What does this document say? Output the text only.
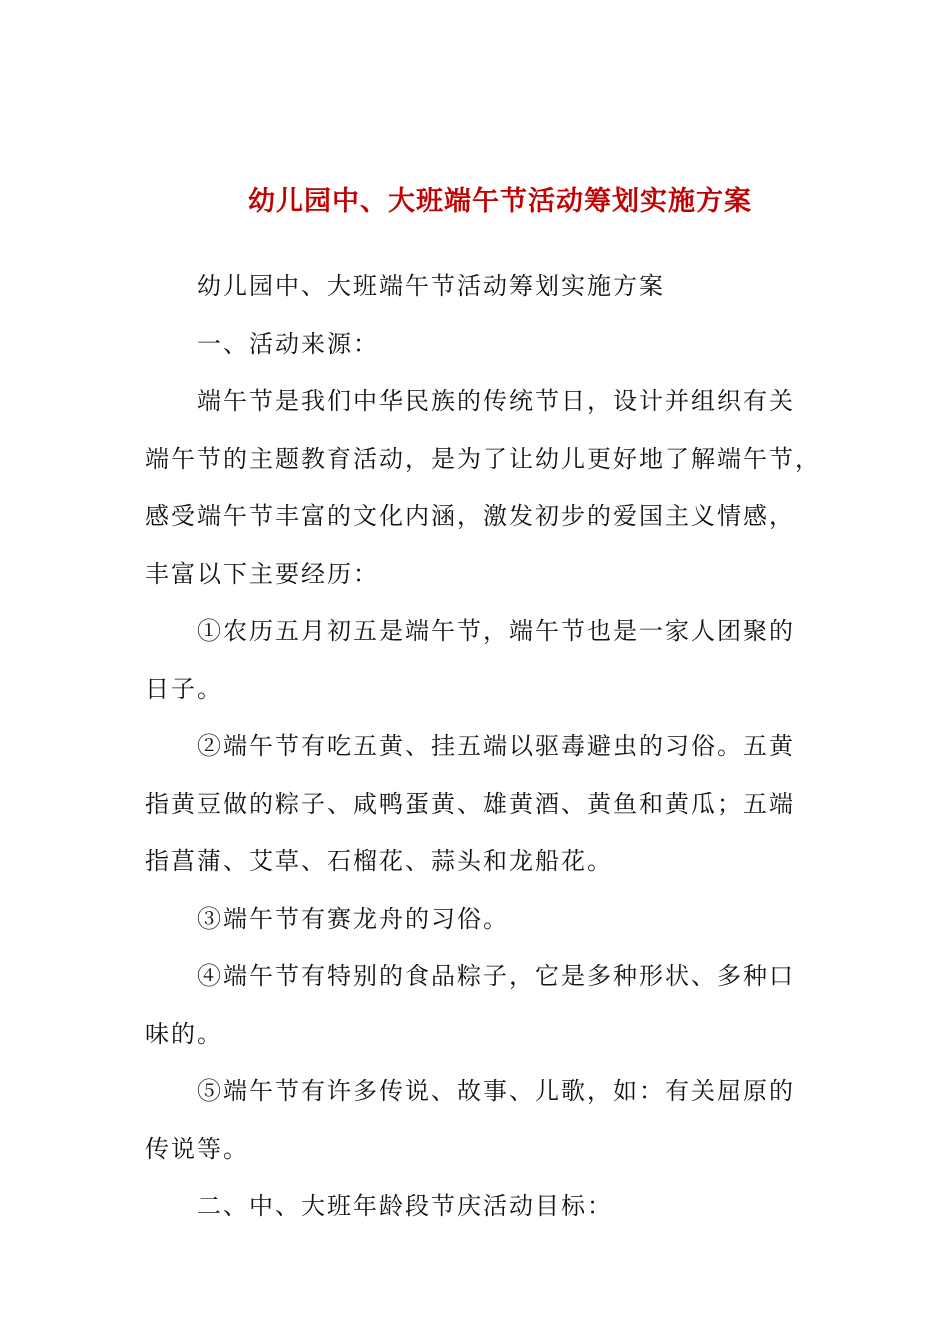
幼儿园中、大班端午节活动筹划实施方案
幼儿园中、大班端午节活动筹划实施方案
一、活动来源：
端午节是我们中华民族的传统节日，设计并组织有关
端午节的主题教育活动，是为了让幼儿更好地了解端午节，
感受端午节丰富的文化内涵，激发初步的爱国主义情感，
丰富以下主要经历：
①农历五月初五是端午节，端午节也是一家人团聚的
日子。
②端午节有吃五黄、挂五端以驱毒避虫的习俗。五黄
指黄豆做的粽子、咸鸭蛋黄、雄黄酒、黄鱼和黄瓜；五端
指菖蒲、艾草、石榴花、蒜头和龙船花。
③端午节有赛龙舟的习俗。
④端午节有特别的食品粽子，它是多种形状、多种口
味的。
⑤端午节有许多传说、故事、儿歌，如：有关屈原的
传说等。
二、中、大班年龄段节庆活动目标：
